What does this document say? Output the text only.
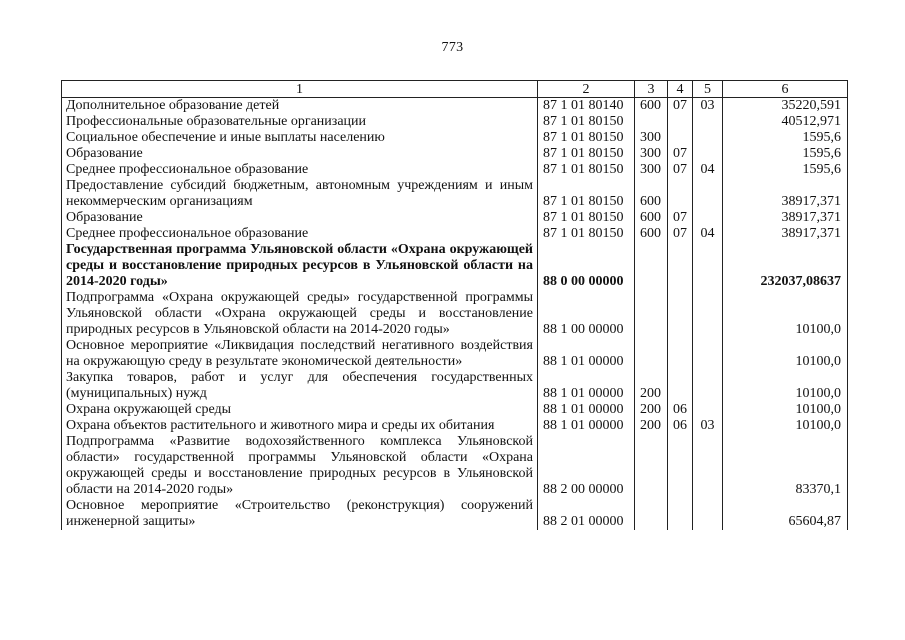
773
1	2	3	4	5	6
Дополнительное образование детей	87 1 01 80140	600	07	03	35220,591
Профессиональные образовательные организации	87 1 01 80150				40512,971
Социальное обеспечение и иные выплаты населению	87 1 01 80150	300			1595,6
Образование	87 1 01 80150	300	07		1595,6
Среднее профессиональное образование	87 1 01 80150	300	07	04	1595,6
Предоставление субсидий бюджетным, автономным учреждениям и иным некоммерческим организациям	87 1 01 80150	600			38917,371
Образование	87 1 01 80150	600	07		38917,371
Среднее профессиональное образование	87 1 01 80150	600	07	04	38917,371
Государственная программа Ульяновской области «Охрана окружающей среды и восстановление природных ресурсов в Ульяновской области на 2014-2020 годы»	88 0 00 00000				232037,08637
Подпрограмма «Охрана окружающей среды» государственной программы Ульяновской области «Охрана окружающей среды и восстановление природных ресурсов в Ульяновской области на 2014-2020 годы»	88 1 00 00000				10100,0
Основное мероприятие «Ликвидация последствий негативного воздействия на окружающую среду в результате экономической деятельности»	88 1 01 00000				10100,0
Закупка товаров, работ и услуг для обеспечения государственных (муниципальных) нужд	88 1 01 00000	200			10100,0
Охрана окружающей среды	88 1 01 00000	200	06		10100,0
Охрана объектов растительного и животного мира и среды их обитания	88 1 01 00000	200	06	03	10100,0
Подпрограмма «Развитие водохозяйственного комплекса Ульяновской области» государственной программы Ульяновской области «Охрана окружающей среды и восстановление природных ресурсов в Ульяновской области на 2014-2020 годы»	88 2 00 00000				83370,1
Основное мероприятие «Строительство (реконструкция) сооружений инженерной защиты»	88 2 01 00000				65604,87
